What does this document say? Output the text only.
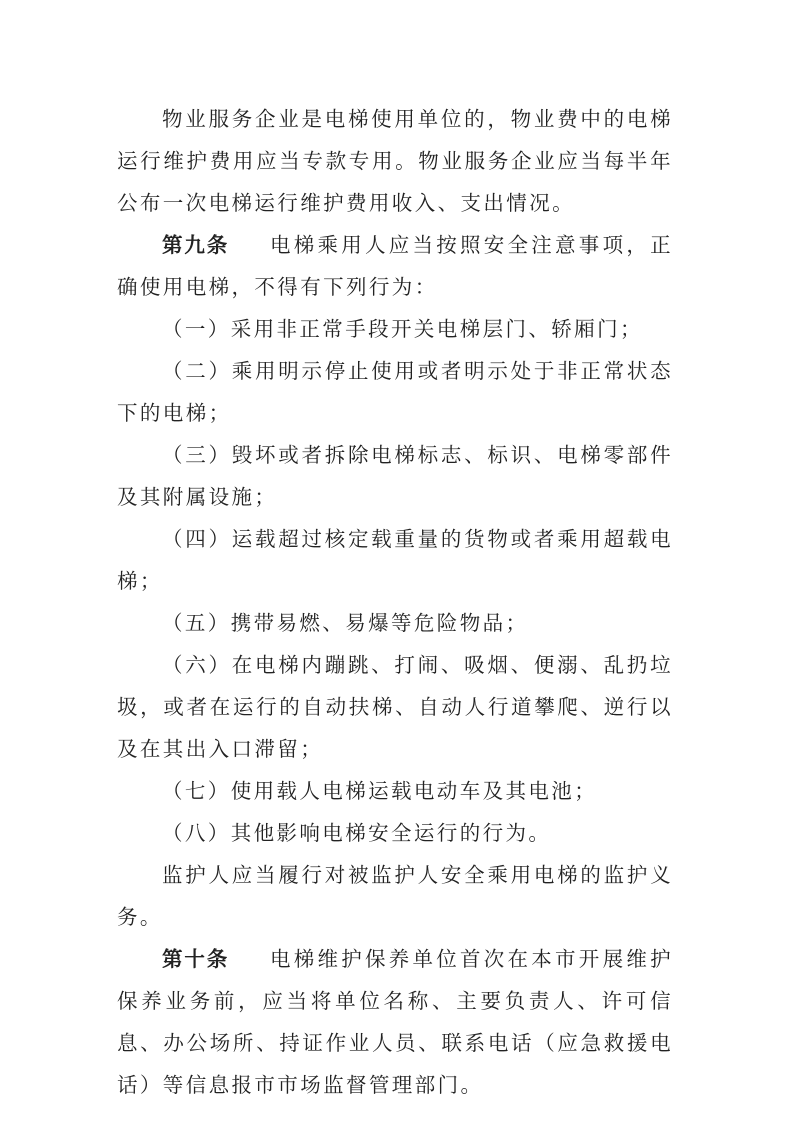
物业服务企业是电梯使用单位的，物业费中的电梯运行维护费用应当专款专用。物业服务企业应当每半年公布一次电梯运行维护费用收入、支出情况。

第九条 电梯乘用人应当按照安全注意事项，正确使用电梯，不得有下列行为：

（一）采用非正常手段开关电梯层门、轿厢门；

（二）乘用明示停止使用或者明示处于非正常状态下的电梯；

（三）毁坏或者拆除电梯标志、标识、电梯零部件及其附属设施；

（四）运载超过核定载重量的货物或者乘用超载电梯；

（五）携带易燃、易爆等危险物品；

（六）在电梯内蹦跳、打闹、吸烟、便溺、乱扔垃圾，或者在运行的自动扶梯、自动人行道攀爬、逆行以及在其出入口滞留；

（七）使用载人电梯运载电动车及其电池；

（八）其他影响电梯安全运行的行为。

监护人应当履行对被监护人安全乘用电梯的监护义务。

第十条 电梯维护保养单位首次在本市开展维护保养业务前，应当将单位名称、主要负责人、许可信息、办公场所、持证作业人员、联系电话（应急救援电话）等信息报市市场监督管理部门。
